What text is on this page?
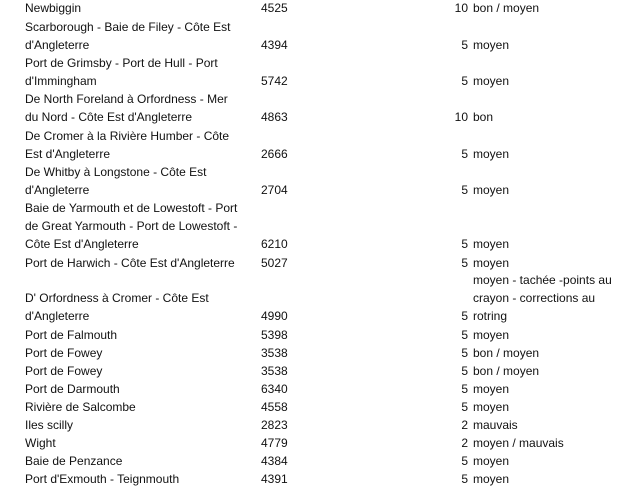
Newbiggin	4525	10 bon / moyen
Scarborough - Baie de Filey - Côte Est
d'Angleterre	4394	5 moyen
Port de Grimsby - Port de Hull - Port
d'Immingham	5742	5 moyen
De North Foreland à Orfordness - Mer
du Nord - Côte Est d'Angleterre	4863	10 bon
De Cromer à la Rivière Humber - Côte
Est d'Angleterre	2666	5 moyen
De Whitby à Longstone - Côte Est
d'Angleterre	2704	5 moyen
Baie de Yarmouth et de Lowestoft - Port
de Great Yarmouth - Port de Lowestoft -
Côte Est d'Angleterre	6210	5 moyen
Port de Harwich - Côte Est d'Angleterre	5027	5 moyen
D' Orfordness à Cromer - Côte Est
d'Angleterre	4990	5
moyen - tachée -points au
crayon - corrections au
rotring
Port de Falmouth	5398	5 moyen
Port de Fowey	3538	5 bon / moyen
Port de Fowey	3538	5 bon / moyen
Port de Darmouth	6340	5 moyen
Rivière de Salcombe	4558	5 moyen
Iles scilly	2823	2 mauvais
Wight	4779	2 moyen / mauvais
Baie de Penzance	4384	5 moyen
Port d'Exmouth - Teignmouth	4391	5 moyen
